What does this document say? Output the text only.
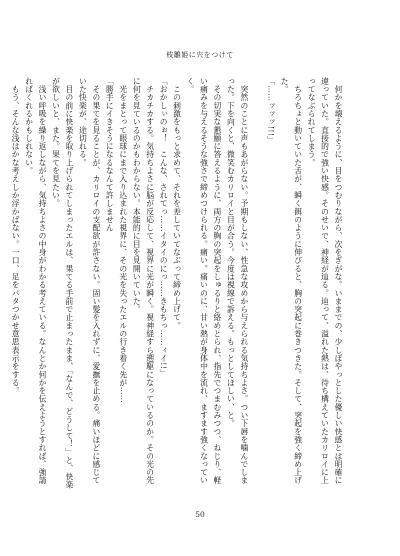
枝雛姫に宍をつけて

　何かを壊えるように、目をつむりながら、次をぎがな。いままでの、少しぼやっとした優しい快感とは明確に違っていた。直接的で強い快感。そのせいで、神経が辿る。辿って、溢れた熱は、待ち構えていたカリロイに上ってなぶられてしまう。

　ちろちょと動いていた舌が、瞬く餌のように伸びると、胸の突起に巻きつきた。そして、突起を強く締め上げた。

「……ッッッ!!!」

　突然のことに声もあがらない。予期もしない、性急な攻めから与えられる気持ちよさ。つい下唇を噛んでしまった。下を向くと、微笑むカリロイと目が合う。今度は視線で訴える。もっとしてほしい、と。

　その切実な懇願に答えるように、両方の胸の突起をしゅるりと絡めとられ、指先でつまむみつつ、ねじり、軽い痛みを与えるそうな強さで締めつけられる。痛い。痛いのに、甘い熱が身体中を流れ、ますます強くなっていく。

　この刺激をもっと求めて、それを差していてなぶって締め上げて。

「おかしぃのぉ！　こんな、されてっ……イタイのにっ……きもちっ……ィイ!!」

　チカチカする。気持ちよさに脳が反応して、視界に光が瞬く。視神経すら遡駆になっているのか。その光の先に何を見ているのかもわからない。本能的に目を見開いていた。

　光をまとって眼球にまで入り込まれた視界に、その光を失ったエルの行き着く先が……

「勝手にイきそうになるなんて許しません

　その果てを見ることが、カリロイの支配欲が許さない。固い髪を入れずに、愛撫を止める。痛いほどに感じていた快楽が、途切れる。

　目の前に快楽を取り上げられてしまったエルは、果てる手前で止まったまま、「なんで、どうして！」と、快楽が欲しいと、また。果てを見たい。

　浅い呼吸を繰り返しながら、気持ちよさの中身がわかる考えている。なんとか何かを伝えようとすれば、強請ればくれるかもしれない。

　もう、そんな浅はかな考えしか浮かばない。一口、足をバタつかせ意思表示をする。

50
